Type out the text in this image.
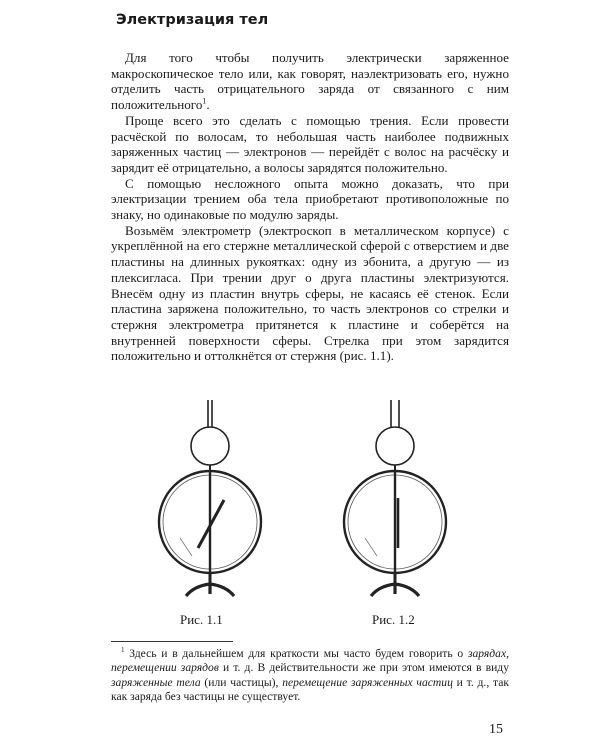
Электризация тел

Для того чтобы получить электрически заряженное макроскопическое тело или, как говорят, наэлектризовать его, нужно отделить часть отрицательного заряда от связанного с ним положительного$^1$.

Проще всего это сделать с помощью трения. Если провести расчёской по волосам, то небольшая часть наиболее подвижных заряженных частиц — электронов — перейдёт с волос на расчёску и зарядит её отрицательно, а волосы зарядятся положительно.

С помощью несложного опыта можно доказать, что при электризации трением оба тела приобретают противоположные по знаку, но одинаковые по модулю заряды.

Возьмём электрометр (электроскоп в металлическом корпусе) с укреплённой на его стержне металлической сферой с отверстием и две пластины на длинных рукоятках: одну из эбонита, а другую — из плексигласа. При трении друг о друга пластины электризуются. Внесём одну из пластин внутрь сферы, не касаясь её стенок. Если пластина заряжена положительно, то часть электронов со стрелки и стержня электрометра притянется к пластине и соберётся на внутренней поверхности сферы. Стрелка при этом зарядится положительно и оттолкнётся от стержня (рис. 1.1).

Рис. 1.1	Рис. 1.2
$^1$ Здесь и в дальнейшем для краткости мы часто будем говорить о зарядах, перемещении зарядов и т. д. В действительности же при этом имеются в виду заряженные тела (или частицы), перемещение заряженных частиц и т. д., так как заряда без частицы не существует.
15
